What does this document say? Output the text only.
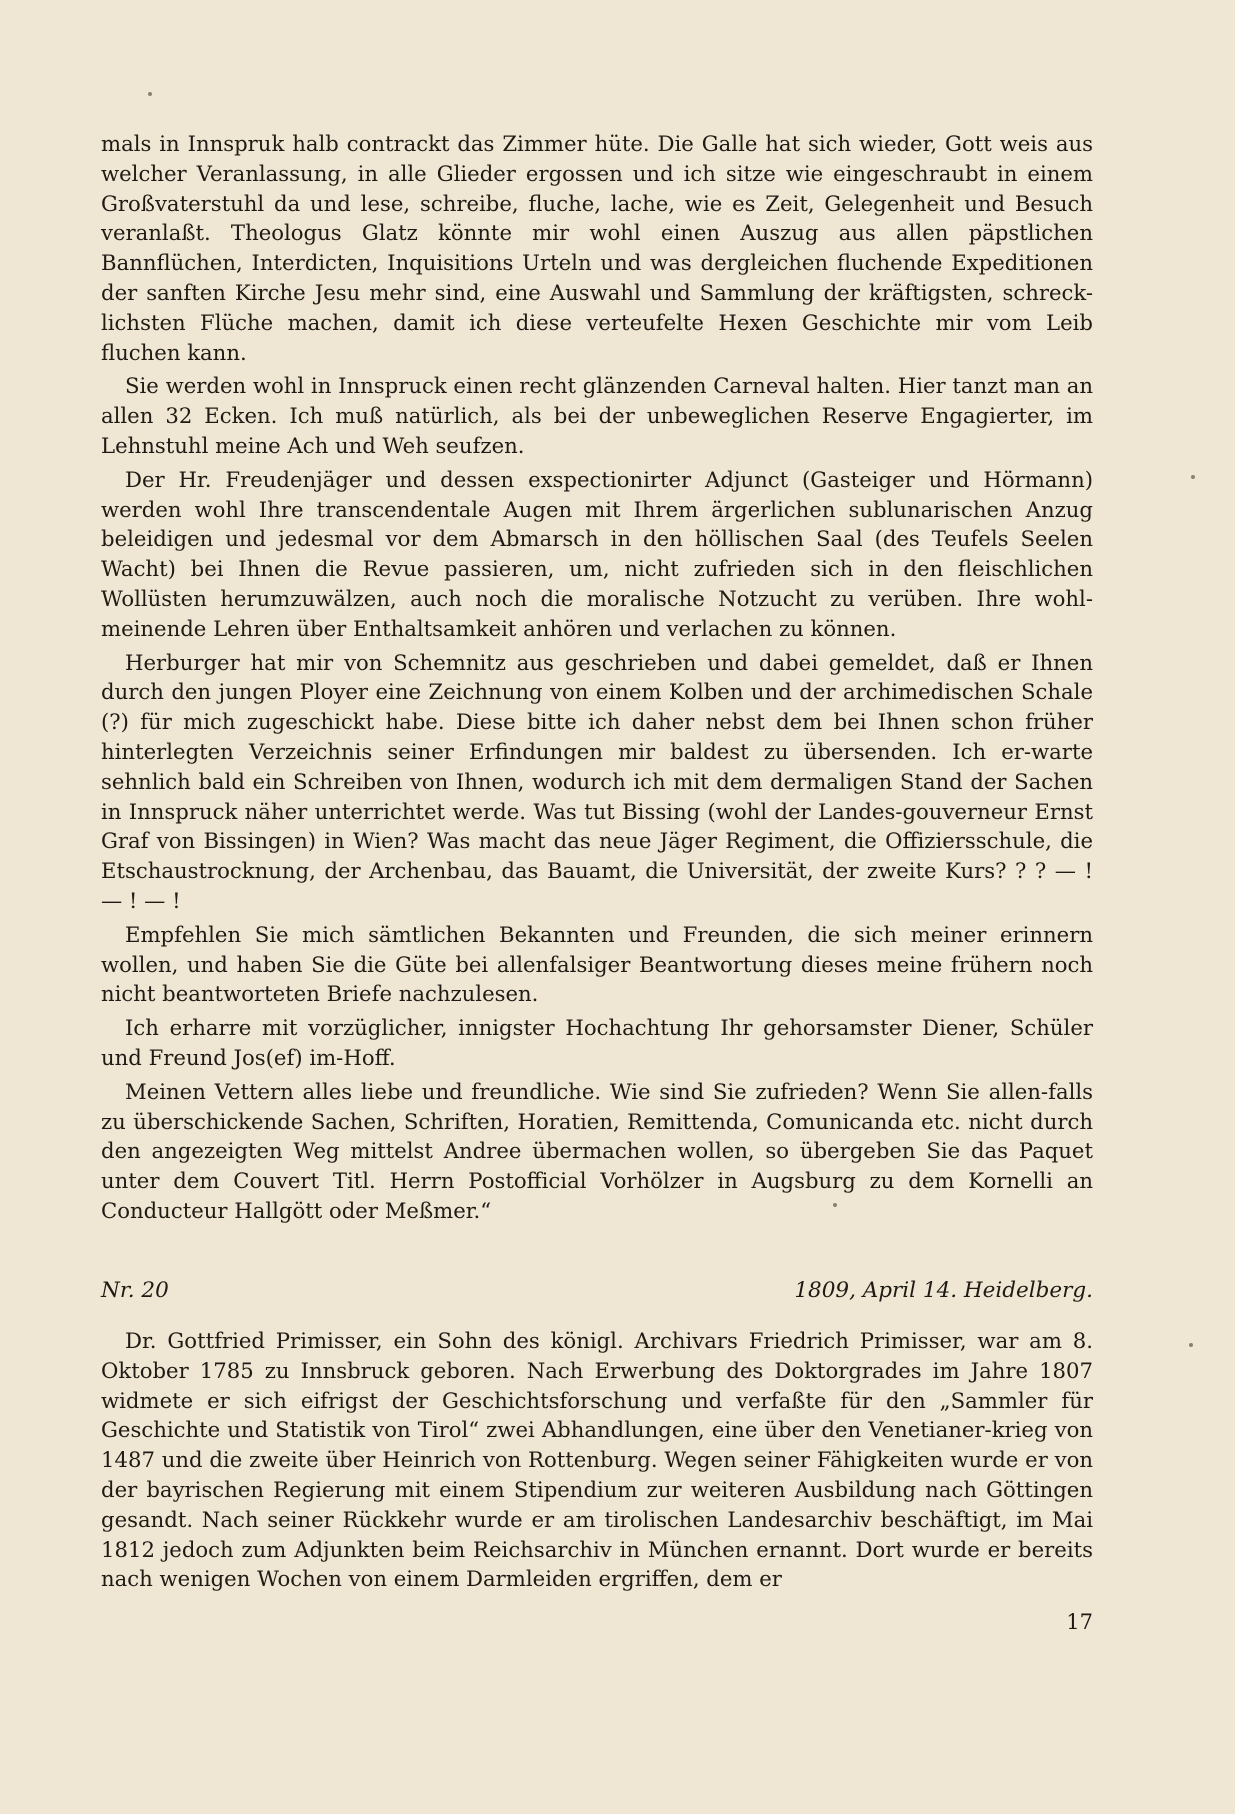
mals in Innspruk halb contrackt das Zimmer hüte. Die Galle hat sich wieder, Gott weis aus welcher Veranlassung, in alle Glieder ergossen und ich sitze wie eingeschraubt in einem Großvaterstuhl da und lese, schreibe, fluche, lache, wie es Zeit, Gelegenheit und Besuch veranlaßt. Theologus Glatz könnte mir wohl einen Auszug aus allen päpstlichen Bannflüchen, Interdicten, Inquisitions Urteln und was dergleichen fluchende Expeditionen der sanften Kirche Jesu mehr sind, eine Auswahl und Sammlung der kräftigsten, schreck-lichsten Flüche machen, damit ich diese verteufelte Hexen Geschichte mir vom Leib fluchen kann.

Sie werden wohl in Innspruck einen recht glänzenden Carneval halten. Hier tanzt man an allen 32 Ecken. Ich muß natürlich, als bei der unbeweglichen Reserve Engagierter, im Lehnstuhl meine Ach und Weh seufzen.

Der Hr. Freudenjäger und dessen exspectionirter Adjunct (Gasteiger und Hörmann) werden wohl Ihre transcendentale Augen mit Ihrem ärgerlichen sublunarischen Anzug beleidigen und jedesmal vor dem Abmarsch in den höllischen Saal (des Teufels Seelen Wacht) bei Ihnen die Revue passieren, um, nicht zufrieden sich in den fleischlichen Wollüsten herumzuwälzen, auch noch die moralische Notzucht zu verüben. Ihre wohl-meinende Lehren über Enthaltsamkeit anhören und verlachen zu können.

Herburger hat mir von Schemnitz aus geschrieben und dabei gemeldet, daß er Ihnen durch den jungen Ployer eine Zeichnung von einem Kolben und der archimedischen Schale (?) für mich zugeschickt habe. Diese bitte ich daher nebst dem bei Ihnen schon früher hinterlegten Verzeichnis seiner Erfindungen mir baldest zu übersenden. Ich er-warte sehnlich bald ein Schreiben von Ihnen, wodurch ich mit dem dermaligen Stand der Sachen in Innspruck näher unterrichtet werde. Was tut Bissing (wohl der Landes-gouverneur Ernst Graf von Bissingen) in Wien? Was macht das neue Jäger Regiment, die Offiziersschule, die Etschaustrocknung, der Archenbau, das Bauamt, die Universität, der zweite Kurs? ? ? — ! — ! — !

Empfehlen Sie mich sämtlichen Bekannten und Freunden, die sich meiner erinnern wollen, und haben Sie die Güte bei allenfalsiger Beantwortung dieses meine frühern noch nicht beantworteten Briefe nachzulesen.

Ich erharre mit vorzüglicher, innigster Hochachtung Ihr gehorsamster Diener, Schüler und Freund Jos(ef) im-Hoff.

Meinen Vettern alles liebe und freundliche. Wie sind Sie zufrieden? Wenn Sie allen-falls zu überschickende Sachen, Schriften, Horatien, Remittenda, Comunicanda etc. nicht durch den angezeigten Weg mittelst Andree übermachen wollen, so übergeben Sie das Paquet unter dem Couvert Titl. Herrn Postofficial Vorhölzer in Augsburg zu dem Kornelli an Conducteur Hallgött oder Meßmer.“

Nr. 20	1809, April 14. Heidelberg.

Dr. Gottfried Primisser, ein Sohn des königl. Archivars Friedrich Primisser, war am 8. Oktober 1785 zu Innsbruck geboren. Nach Erwerbung des Doktorgrades im Jahre 1807 widmete er sich eifrigst der Geschichtsforschung und verfaßte für den „Sammler für Geschichte und Statistik von Tirol“ zwei Abhandlungen, eine über den Venetianer-krieg von 1487 und die zweite über Heinrich von Rottenburg. Wegen seiner Fähigkeiten wurde er von der bayrischen Regierung mit einem Stipendium zur weiteren Ausbildung nach Göttingen gesandt. Nach seiner Rückkehr wurde er am tirolischen Landesarchiv beschäftigt, im Mai 1812 jedoch zum Adjunkten beim Reichsarchiv in München ernannt. Dort wurde er bereits nach wenigen Wochen von einem Darmleiden ergriffen, dem er

17
